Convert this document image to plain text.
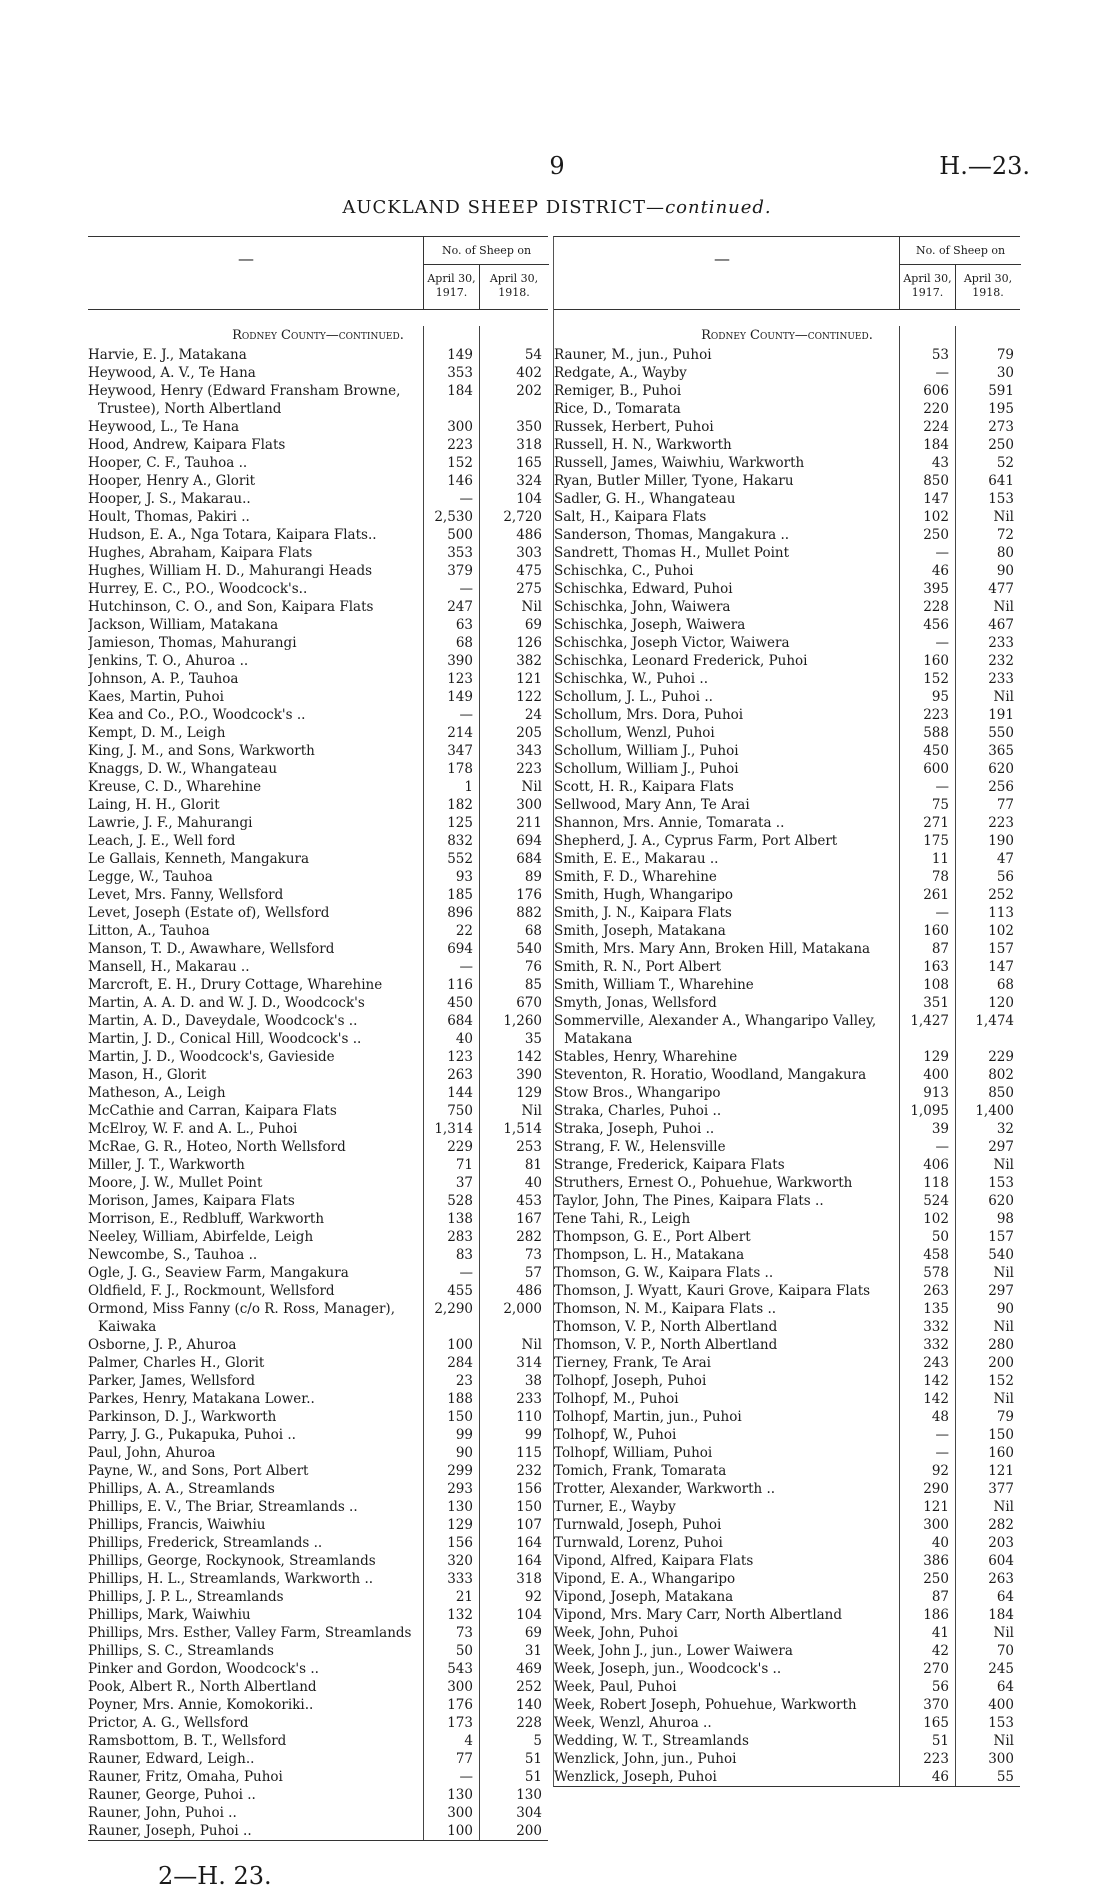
9	H.—23.
AUCKLAND SHEEP DISTRICT—continued.
—	No. of Sheep on
April 30, 1917.
April 30, 1918.
Rodney County—continued.
Harvie, E. J., Matakana	149	54
Heywood, A. V., Te Hana	353	402
Heywood, Henry (Edward Fransham Browne, Trustee), North Albertland
184	202
Heywood, L., Te Hana	300	350
Hood, Andrew, Kaipara Flats	223	318
Hooper, C. F., Tauhoa ..	152	165
Hooper, Henry A., Glorit	146	324
Hooper, J. S., Makarau..	—	104
Hoult, Thomas, Pakiri ..	2,530	2,720
Hudson, E. A., Nga Totara, Kaipara Flats..	500	486
Hughes, Abraham, Kaipara Flats	353	303
Hughes, William H. D., Mahurangi Heads	379	475
Hurrey, E. C., P.O., Woodcock's..	—	275
Hutchinson, C. O., and Son, Kaipara Flats	247	Nil
Jackson, William, Matakana	63	69
Jamieson, Thomas, Mahurangi	68	126
Jenkins, T. O., Ahuroa ..	390	382
Johnson, A. P., Tauhoa	123	121
Kaes, Martin, Puhoi	149	122
Kea and Co., P.O., Woodcock's ..	—	24
Kempt, D. M., Leigh	214	205
King, J. M., and Sons, Warkworth	347	343
Knaggs, D. W., Whangateau	178	223
Kreuse, C. D., Wharehine	1	Nil
Laing, H. H., Glorit	182	300
Lawrie, J. F., Mahurangi	125	211
Leach, J. E., Well ford	832	694
Le Gallais, Kenneth, Mangakura	552	684
Legge, W., Tauhoa	93	89
Levet, Mrs. Fanny, Wellsford	185	176
Levet, Joseph (Estate of), Wellsford	896	882
Litton, A., Tauhoa	22	68
Manson, T. D., Awawhare, Wellsford	694	540
Mansell, H., Makarau ..	—	76
Marcroft, E. H., Drury Cottage, Wharehine	116	85
Martin, A. A. D. and W. J. D., Woodcock's	450	670
Martin, A. D., Daveydale, Woodcock's ..	684	1,260
Martin, J. D., Conical Hill, Woodcock's ..	40	35
Martin, J. D., Woodcock's, Gavieside	123	142
Mason, H., Glorit	263	390
Matheson, A., Leigh	144	129
McCathie and Carran, Kaipara Flats	750	Nil
McElroy, W. F. and A. L., Puhoi	1,314	1,514
McRae, G. R., Hoteo, North Wellsford	229	253
Miller, J. T., Warkworth	71	81
Moore, J. W., Mullet Point	37	40
Morison, James, Kaipara Flats	528	453
Morrison, E., Redbluff, Warkworth	138	167
Neeley, William, Abirfelde, Leigh	283	282
Newcombe, S., Tauhoa ..	83	73
Ogle, J. G., Seaview Farm, Mangakura	—	57
Oldfield, F. J., Rockmount, Wellsford	455	486
Ormond, Miss Fanny (c/o R. Ross, Manager), Kaiwaka
2,290	2,000
Osborne, J. P., Ahuroa	100	Nil
Palmer, Charles H., Glorit	284	314
Parker, James, Wellsford	23	38
Parkes, Henry, Matakana Lower..	188	233
Parkinson, D. J., Warkworth	150	110
Parry, J. G., Pukapuka, Puhoi ..	99	99
Paul, John, Ahuroa	90	115
Payne, W., and Sons, Port Albert	299	232
Phillips, A. A., Streamlands	293	156
Phillips, E. V., The Briar, Streamlands ..	130	150
Phillips, Francis, Waiwhiu	129	107
Phillips, Frederick, Streamlands ..	156	164
Phillips, George, Rockynook, Streamlands	320	164
Phillips, H. L., Streamlands, Warkworth ..	333	318
Phillips, J. P. L., Streamlands	21	92
Phillips, Mark, Waiwhiu	132	104
Phillips, Mrs. Esther, Valley Farm, Streamlands	73	69
Phillips, S. C., Streamlands	50	31
Pinker and Gordon, Woodcock's ..	543	469
Pook, Albert R., North Albertland	300	252
Poyner, Mrs. Annie, Komokoriki..	176	140
Prictor, A. G., Wellsford	173	228
Ramsbottom, B. T., Wellsford	4	5
Rauner, Edward, Leigh..	77	51
Rauner, Fritz, Omaha, Puhoi	—	51
Rauner, George, Puhoi ..	130	130
Rauner, John, Puhoi ..	300	304
Rauner, Joseph, Puhoi ..	100	200
—	No. of Sheep on
April 30, 1917.
April 30, 1918.
Rodney County—continued.
Rauner, M., jun., Puhoi	53	79
Redgate, A., Wayby	—	30
Remiger, B., Puhoi	606	591
Rice, D., Tomarata	220	195
Russek, Herbert, Puhoi	224	273
Russell, H. N., Warkworth	184	250
Russell, James, Waiwhiu, Warkworth	43	52
Ryan, Butler Miller, Tyone, Hakaru	850	641
Sadler, G. H., Whangateau	147	153
Salt, H., Kaipara Flats	102	Nil
Sanderson, Thomas, Mangakura ..	250	72
Sandrett, Thomas H., Mullet Point	—	80
Schischka, C., Puhoi	46	90
Schischka, Edward, Puhoi	395	477
Schischka, John, Waiwera	228	Nil
Schischka, Joseph, Waiwera	456	467
Schischka, Joseph Victor, Waiwera	—	233
Schischka, Leonard Frederick, Puhoi	160	232
Schischka, W., Puhoi ..	152	233
Schollum, J. L., Puhoi ..	95	Nil
Schollum, Mrs. Dora, Puhoi	223	191
Schollum, Wenzl, Puhoi	588	550
Schollum, William J., Puhoi	450	365
Schollum, William J., Puhoi	600	620
Scott, H. R., Kaipara Flats	—	256
Sellwood, Mary Ann, Te Arai	75	77
Shannon, Mrs. Annie, Tomarata ..	271	223
Shepherd, J. A., Cyprus Farm, Port Albert	175	190
Smith, E. E., Makarau ..	11	47
Smith, F. D., Wharehine	78	56
Smith, Hugh, Whangaripo	261	252
Smith, J. N., Kaipara Flats	—	113
Smith, Joseph, Matakana	160	102
Smith, Mrs. Mary Ann, Broken Hill, Matakana	87	157
Smith, R. N., Port Albert	163	147
Smith, William T., Wharehine	108	68
Smyth, Jonas, Wellsford	351	120
Sommerville, Alexander A., Whangaripo Valley, Matakana
1,427	1,474
Stables, Henry, Wharehine	129	229
Steventon, R. Horatio, Woodland, Mangakura	400	802
Stow Bros., Whangaripo	913	850
Straka, Charles, Puhoi ..	1,095	1,400
Straka, Joseph, Puhoi ..	39	32
Strang, F. W., Helensville	—	297
Strange, Frederick, Kaipara Flats	406	Nil
Struthers, Ernest O., Pohuehue, Warkworth	118	153
Taylor, John, The Pines, Kaipara Flats ..	524	620
Tene Tahi, R., Leigh	102	98
Thompson, G. E., Port Albert	50	157
Thompson, L. H., Matakana	458	540
Thomson, G. W., Kaipara Flats ..	578	Nil
Thomson, J. Wyatt, Kauri Grove, Kaipara Flats	263	297
Thomson, N. M., Kaipara Flats ..	135	90
Thomson, V. P., North Albertland	332	Nil
Thomson, V. P., North Albertland	332	280
Tierney, Frank, Te Arai	243	200
Tolhopf, Joseph, Puhoi	142	152
Tolhopf, M., Puhoi	142	Nil
Tolhopf, Martin, jun., Puhoi	48	79
Tolhopf, W., Puhoi	—	150
Tolhopf, William, Puhoi	—	160
Tomich, Frank, Tomarata	92	121
Trotter, Alexander, Warkworth ..	290	377
Turner, E., Wayby	121	Nil
Turnwald, Joseph, Puhoi	300	282
Turnwald, Lorenz, Puhoi	40	203
Vipond, Alfred, Kaipara Flats	386	604
Vipond, E. A., Whangaripo	250	263
Vipond, Joseph, Matakana	87	64
Vipond, Mrs. Mary Carr, North Albertland	186	184
Week, John, Puhoi	41	Nil
Week, John J., jun., Lower Waiwera	42	70
Week, Joseph, jun., Woodcock's ..	270	245
Week, Paul, Puhoi	56	64
Week, Robert Joseph, Pohuehue, Warkworth	370	400
Week, Wenzl, Ahuroa ..	165	153
Wedding, W. T., Streamlands	51	Nil
Wenzlick, John, jun., Puhoi	223	300
Wenzlick, Joseph, Puhoi	46	55
2—H. 23.
